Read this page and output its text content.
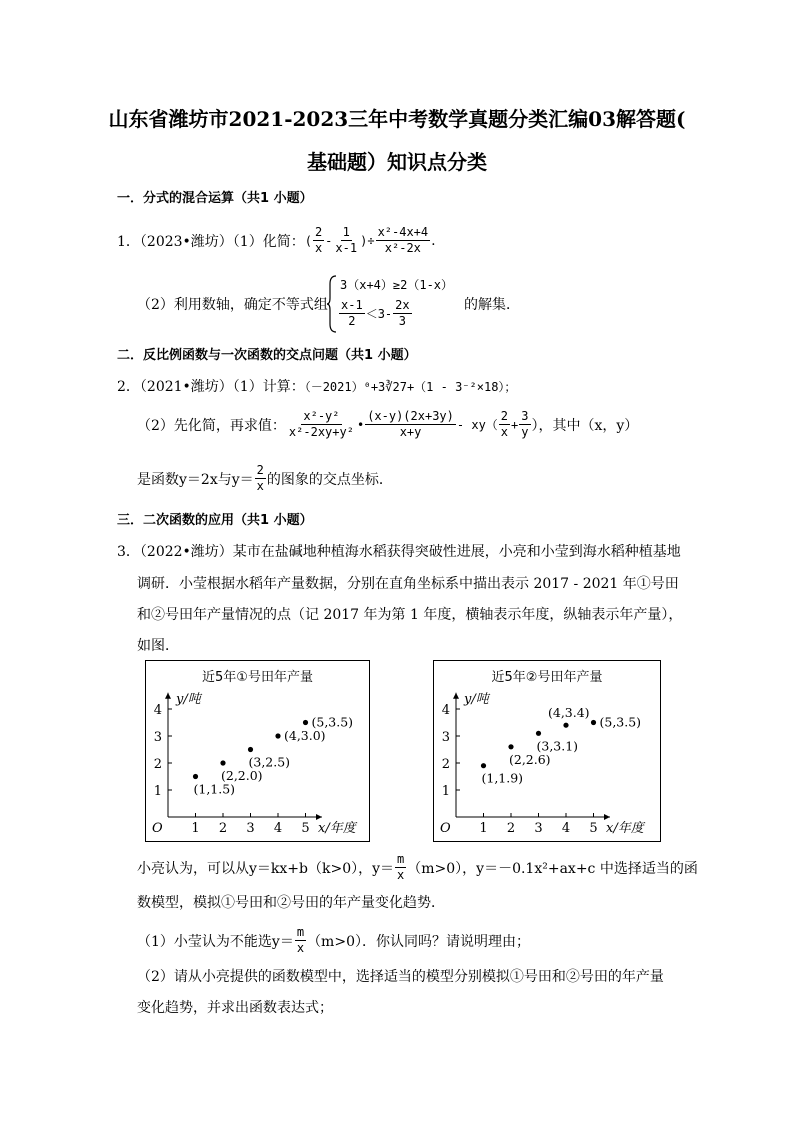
山东省潍坊市2021-2023三年中考数学真题分类汇编03解答题(
基础题）知识点分类
一．分式的混合运算（共1 小题）
1．（2023•潍坊）（1）化简： ( $\frac{2}{x} - \frac{1}{x-1}$ ) ÷ $\frac{\text{x²-4x+4}}{\text{x²-2x}}$ .
（2）利用数轴，确定不等式组
3（x+4）≥2（1-x）
$\frac{x-1}{2} <3- \frac{2x}{3}$	的解集．
二．反比例函数与一次函数的交点问题（共1 小题）
2．（2021•潍坊）（1）计算：（－2021）⁰+3∛27+（1 - 3⁻²×18）；
（2）先化简，再求值： $\frac{\text{x²-y²}}{\text{x²-2xy+y²}}$ • $\frac{(x-y)(2x+3y)}{x+y} - xy( \frac{2}{x} + \frac{3}{y}$ ），其中（x，y）
是函数y＝2x与$y= \frac{2}{x}$ 的图象的交点坐标．
三．二次函数的应用（共1 小题）
3．（2022•潍坊）某市在盐碱地种植海水稻获得突破性进展，小亮和小莹到海水稻种植基地
调研．小莹根据水稻年产量数据，分别在直角坐标系中描出表示 2017 - 2021 年①号田
和②号田年产量情况的点（记 2017 年为第 1 年度，横轴表示年度，纵轴表示年产量），
如图．
近5年①号田年产量
y/吨
x/年度
O 1 2 3 4 5
1
2
3
4
(1,1.5)
(2,2.0)
(3,2.5)
(4,3.0)
(5,3.5)
近5年②号田年产量
y/吨
x/年度
O 1 2 3 4 5
1
2
3
4
(1,1.9)
(2,2.6)
(3,3.1)
(4,3.4)
(5,3.5)
小亮认为，可以从y＝kx+b（k>0），$y= \frac{m}{x} (m>0)$，y＝－0.1x²+ax+c 中选择适当的函
数模型，模拟①号田和②号田的年产量变化趋势．
（1）小莹认为不能选$y= \frac{m}{x} (m>0)$．你认同吗？请说明理由；
（2）请从小亮提供的函数模型中，选择适当的模型分别模拟①号田和②号田的年产量
变化趋势，并求出函数表达式；
